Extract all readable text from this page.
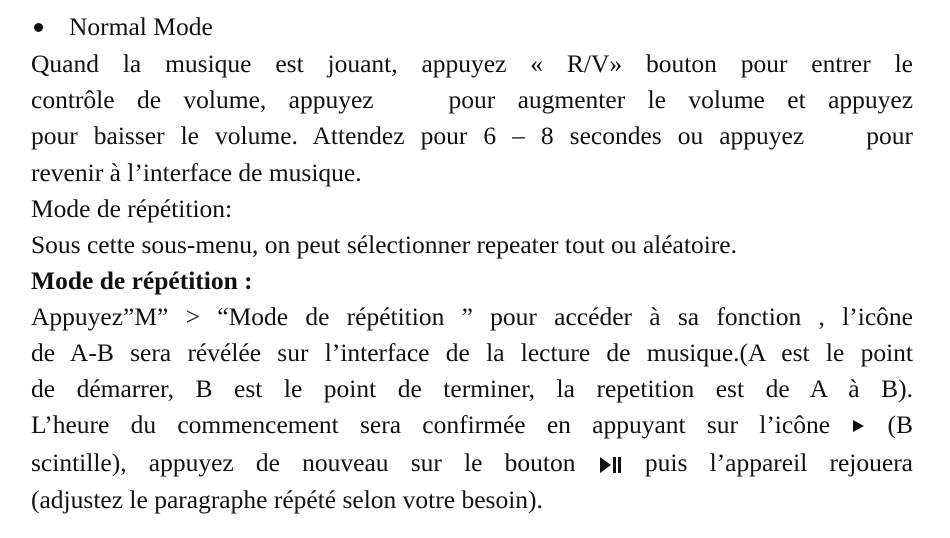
Normal Mode
Quand la musique est jouant, appuyez « R/V» bouton pour entrer le
contrôle de volume, appuyez	pour augmenter le volume et appuyez
pour baisser le volume. Attendez pour 6 – 8 secondes ou appuyez pour
revenir à l’interface de musique.
Mode de répétition:
Sous cette sous-menu, on peut sélectionner repeater tout ou aléatoire.
Mode de répétition :
Appuyez”M” > “Mode de répétition ” pour accéder à sa fonction , l’icône
de A-B sera révélée sur l’interface de la lecture de musique.(A est le point
de démarrer, B est le point de terminer, la repetition est de A à B).
L’heure du commencement sera confirmée en appuyant sur l’icône (B
scintille), appuyez de nouveau sur le bouton	puis l’appareil rejouera
(adjustez le paragraphe répété selon votre besoin).
